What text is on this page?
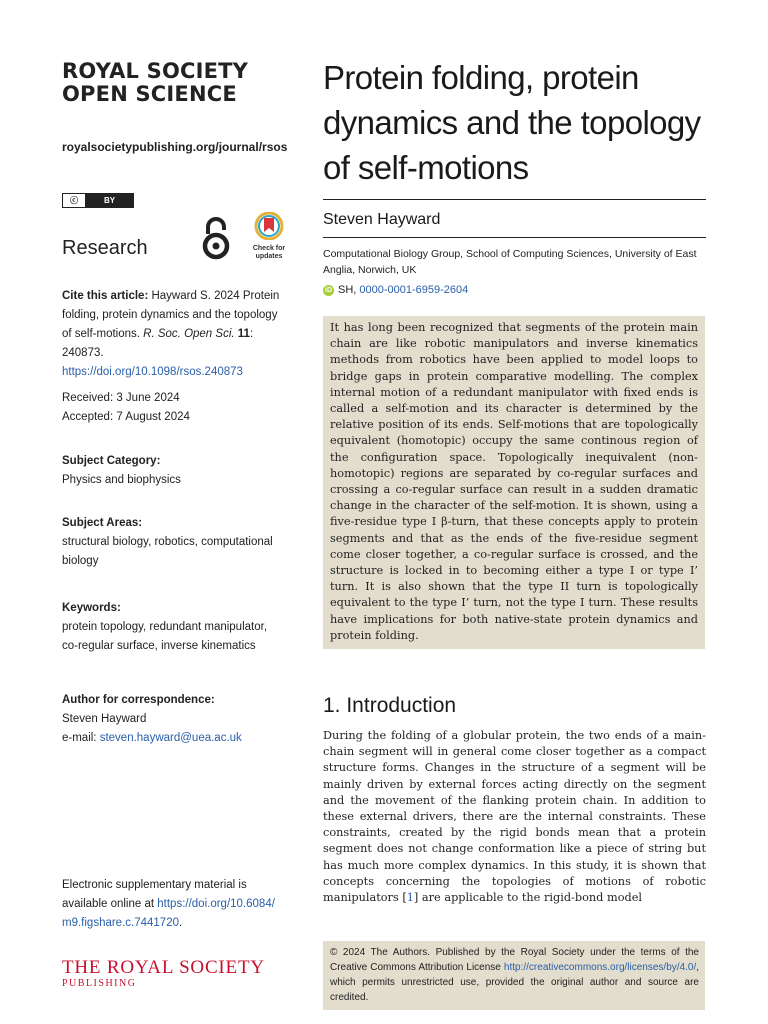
ROYAL SOCIETY
OPEN SCIENCE
royalsocietypublishing.org/journal/rsos
ⓒ	BY
Research	Check for
updates
Cite this article: Hayward S. 2024 Protein folding, protein dynamics and the topology of self-motions. R. Soc. Open Sci. 11: 240873.
https://doi.org/10.1098/rsos.240873
Received: 3 June 2024
Accepted: 7 August 2024
Subject Category:
Physics and biophysics
Subject Areas:
structural biology, robotics, computational biology
Keywords:
protein topology, redundant manipulator, co-regular surface, inverse kinematics
Author for correspondence:
Steven Hayward
e-mail: steven.hayward@uea.ac.uk
Electronic supplementary material is available online at https://doi.org/10.6084/m9.figshare.c.7441720.
THE ROYAL SOCIETY
PUBLISHING
Protein folding, protein dynamics and the topology of self-motions
Steven Hayward
Computational Biology Group, School of Computing Sciences, University of East Anglia, Norwich, UK
iD SH, 0000-0001-6959-2604
It has long been recognized that segments of the protein main chain are like robotic manipulators and inverse kinematics methods from robotics have been applied to model loops to bridge gaps in protein comparative modelling. The complex internal motion of a redundant manipulator with fixed ends is called a self-motion and its character is determined by the relative position of its ends. Self-motions that are topologically equivalent (homotopic) occupy the same continous region of the configuration space. Topologically inequivalent (non-homotopic) regions are separated by co-regular surfaces and crossing a co-regular surface can result in a sudden dramatic change in the character of the self-motion. It is shown, using a five-residue type I β-turn, that these concepts apply to protein segments and that as the ends of the five-residue segment come closer together, a co-regular surface is crossed, and the structure is locked in to becoming either a type I or type I’ turn. It is also shown that the type II turn is topologically equivalent to the type I’ turn, not the type I turn. These results have implications for both native-state protein dynamics and protein folding.
1. Introduction
During the folding of a globular protein, the two ends of a main-chain segment will in general come closer together as a compact structure forms. Changes in the structure of a segment will be mainly driven by external forces acting directly on the segment and the movement of the flanking protein chain. In addition to these external drivers, there are the internal constraints. These constraints, created by the rigid bonds mean that a protein segment does not change conformation like a piece of string but has much more complex dynamics. In this study, it is shown that concepts concerning the topologies of motions of robotic manipulators [1] are applicable to the rigid-bond model
© 2024 The Authors. Published by the Royal Society under the terms of the Creative Commons Attribution License http://creativecommons.org/licenses/by/4.0/, which permits unrestricted use, provided the original author and source are credited.
